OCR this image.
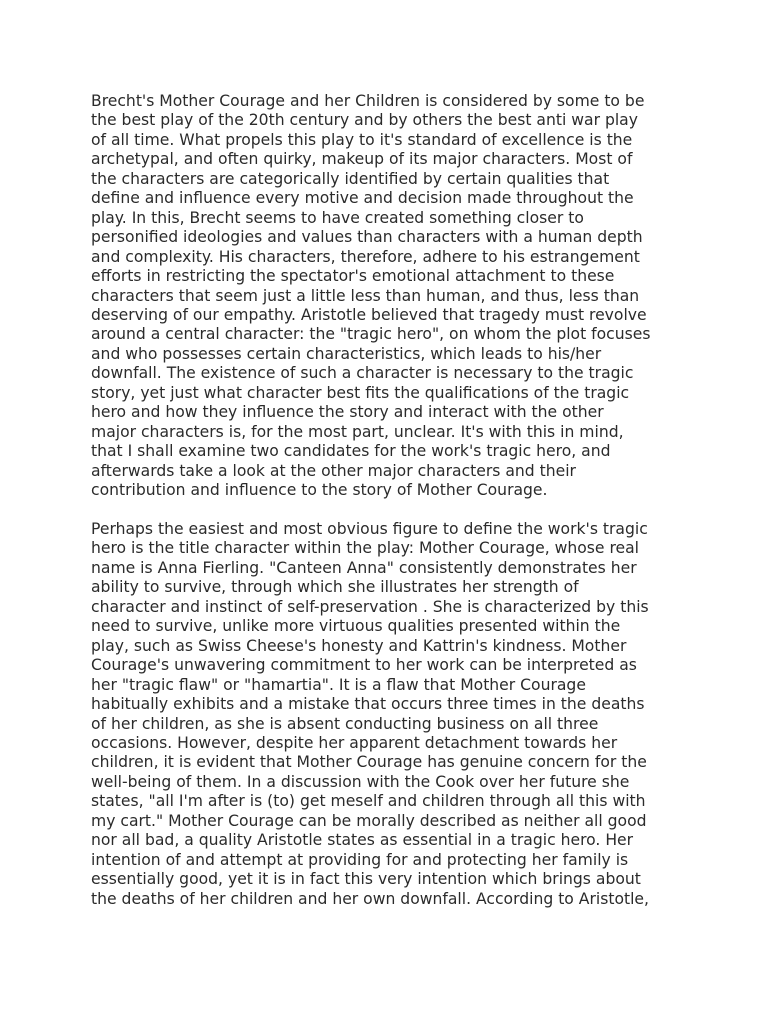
Brecht's Mother Courage and her Children is considered by some to be
the best play of the 20th century and by others the best anti war play
of all time. What propels this play to it's standard of excellence is the
archetypal, and often quirky, makeup of its major characters. Most of
the characters are categorically identified by certain qualities that
define and influence every motive and decision made throughout the
play. In this, Brecht seems to have created something closer to
personified ideologies and values than characters with a human depth
and complexity. His characters, therefore, adhere to his estrangement
efforts in restricting the spectator's emotional attachment to these
characters that seem just a little less than human, and thus, less than
deserving of our empathy. Aristotle believed that tragedy must revolve
around a central character: the "tragic hero", on whom the plot focuses
and who possesses certain characteristics, which leads to his/her
downfall. The existence of such a character is necessary to the tragic
story, yet just what character best fits the qualifications of the tragic
hero and how they influence the story and interact with the other
major characters is, for the most part, unclear. It's with this in mind,
that I shall examine two candidates for the work's tragic hero, and
afterwards take a look at the other major characters and their
contribution and influence to the story of Mother Courage.

Perhaps the easiest and most obvious figure to define the work's tragic
hero is the title character within the play: Mother Courage, whose real
name is Anna Fierling. "Canteen Anna" consistently demonstrates her
ability to survive, through which she illustrates her strength of
character and instinct of self-preservation . She is characterized by this
need to survive, unlike more virtuous qualities presented within the
play, such as Swiss Cheese's honesty and Kattrin's kindness. Mother
Courage's unwavering commitment to her work can be interpreted as
her "tragic flaw" or "hamartia". It is a flaw that Mother Courage
habitually exhibits and a mistake that occurs three times in the deaths
of her children, as she is absent conducting business on all three
occasions. However, despite her apparent detachment towards her
children, it is evident that Mother Courage has genuine concern for the
well-being of them. In a discussion with the Cook over her future she
states, "all I'm after is (to) get meself and children through all this with
my cart." Mother Courage can be morally described as neither all good
nor all bad, a quality Aristotle states as essential in a tragic hero. Her
intention of and attempt at providing for and protecting her family is
essentially good, yet it is in fact this very intention which brings about
the deaths of her children and her own downfall. According to Aristotle,
